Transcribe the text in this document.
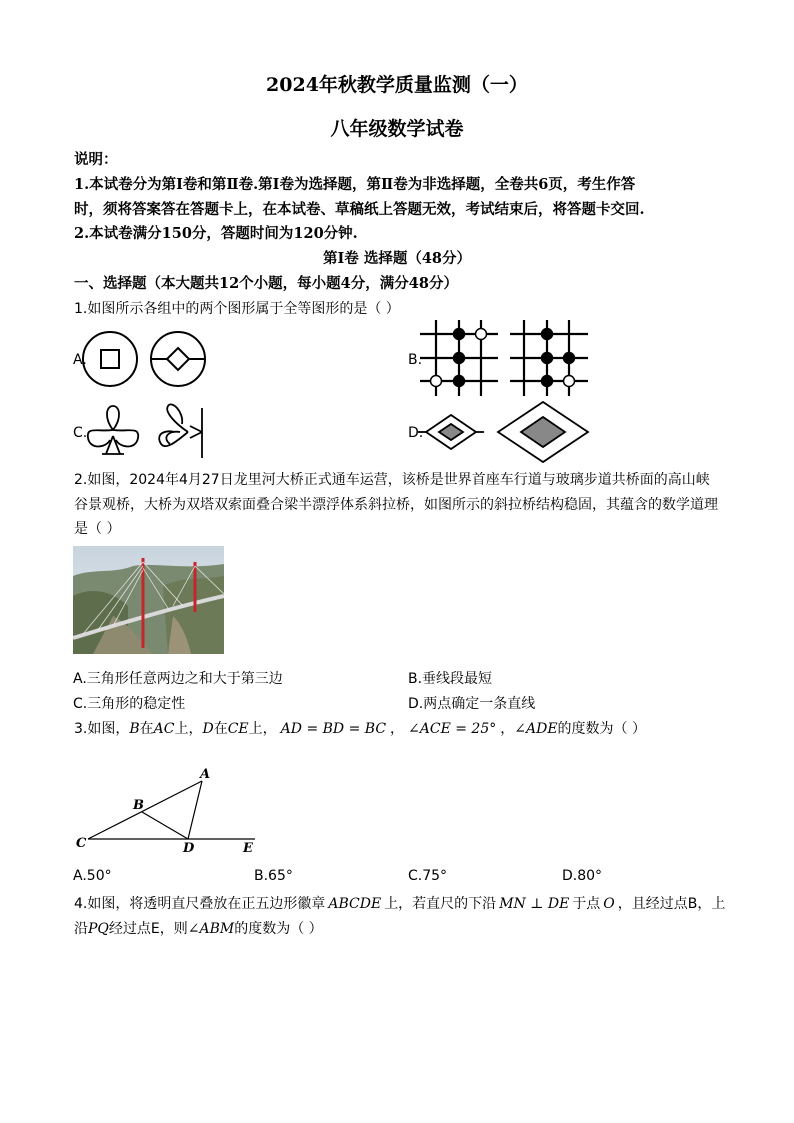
2024年秋教学质量监测（一）
八年级数学试卷
说明：
1.本试卷分为第Ⅰ卷和第Ⅱ卷.第Ⅰ卷为选择题，第Ⅱ卷为非选择题，全卷共6页，考生作答
时，须将答案答在答题卡上，在本试卷、草稿纸上答题无效，考试结束后，将答题卡交回.
2.本试卷满分150分，答题时间为120分钟.
第Ⅰ卷 选择题（48分）
一、选择题（本大题共12个小题，每小题4分，满分48分）
1.如图所示各组中的两个图形属于全等图形的是（ ）
A.	B.
C.	D.
2.如图，2024年4月27日龙里河大桥正式通车运营，该桥是世界首座车行道与玻璃步道共桥面的高山峡
谷景观桥，大桥为双塔双索面叠合梁半漂浮体系斜拉桥，如图所示的斜拉桥结构稳固，其蕴含的数学道理
是（ ）
A.三角形任意两边之和大于第三边	B.垂线段最短
C.三角形的稳定性	D.两点确定一条直线
3.如图，B在AC上，D在CE上， AD = BD = BC ， ∠ACE = 25° ，∠ADE的度数为（ ）
A
B
C	D	E
A.50°	B.65°	C.75°	D.80°
4.如图，将透明直尺叠放在正五边形徽章 ABCDE 上，若直尺的下沿 MN ⊥ DE 于点 O ，且经过点B，上
沿PQ经过点E，则∠ABM的度数为（ ）
